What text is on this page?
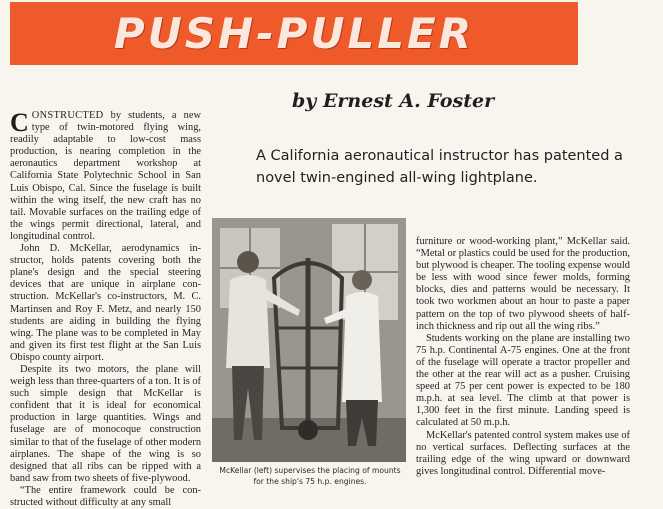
PUSH-PULLER
by Ernest A. Foster
A California aeronautical instructor has patented a novel twin-engined all-wing lightplane.

CONSTRUCTED by students, a new type of twin-motored flying wing, readily adaptable to low-cost mass production, is nearing completion in the aeronautics department workshop at California State Polytechnic School in San Luis Obispo, Cal. Since the fuselage is built within the wing itself, the new craft has no tail. Movable surfaces on the trailing edge of the wings permit directional, lateral, and longitudinal control.

John D. McKellar, aerodynamics instructor, holds patents covering both the plane's design and the special steering devices that are unique in airplane construction. McKellar's co-instructors, M. C. Martinsen and Roy F. Metz, and nearly 150 students are aiding in building the flying wing. The plane was to be completed in May and given its first test flight at the San Luis Obispo county airport.

Despite its two motors, the plane will weigh less than three-quarters of a ton. It is of such simple design that McKellar is confident that it is ideal for economical production in large quantities. Wings and fuselage are of monocoque construction similar to that of the fuselage of other modern airplanes. The shape of the wing is so designed that all ribs can be ripped with a band saw from two sheets of five-plywood.

“The entire framework could be constructed without difficulty at any small

McKellar (left) supervises the placing of mounts for the ship's 75 h.p. engines.

furniture or wood-working plant,” McKellar said. “Metal or plastics could be used for the production, but plywood is cheaper. The tooling expense would be less with wood since fewer molds, forming blocks, dies and patterns would be necessary. It took two workmen about an hour to paste a paper pattern on the top of two plywood sheets of half-inch thickness and rip out all the wing ribs.”

Students working on the plane are installing two 75 h.p. Continental A-75 engines. One at the front of the fuselage will operate a tractor propeller and the other at the rear will act as a pusher. Cruising speed at 75 per cent power is expected to be 180 m.p.h. at sea level. The climb at that power is 1,300 feet in the first minute. Landing speed is calculated at 50 m.p.h.

McKellar's patented control system makes use of no vertical surfaces. Deflecting surfaces at the trailing edge of the wing upward or downward gives longitudinal control. Differential move-
